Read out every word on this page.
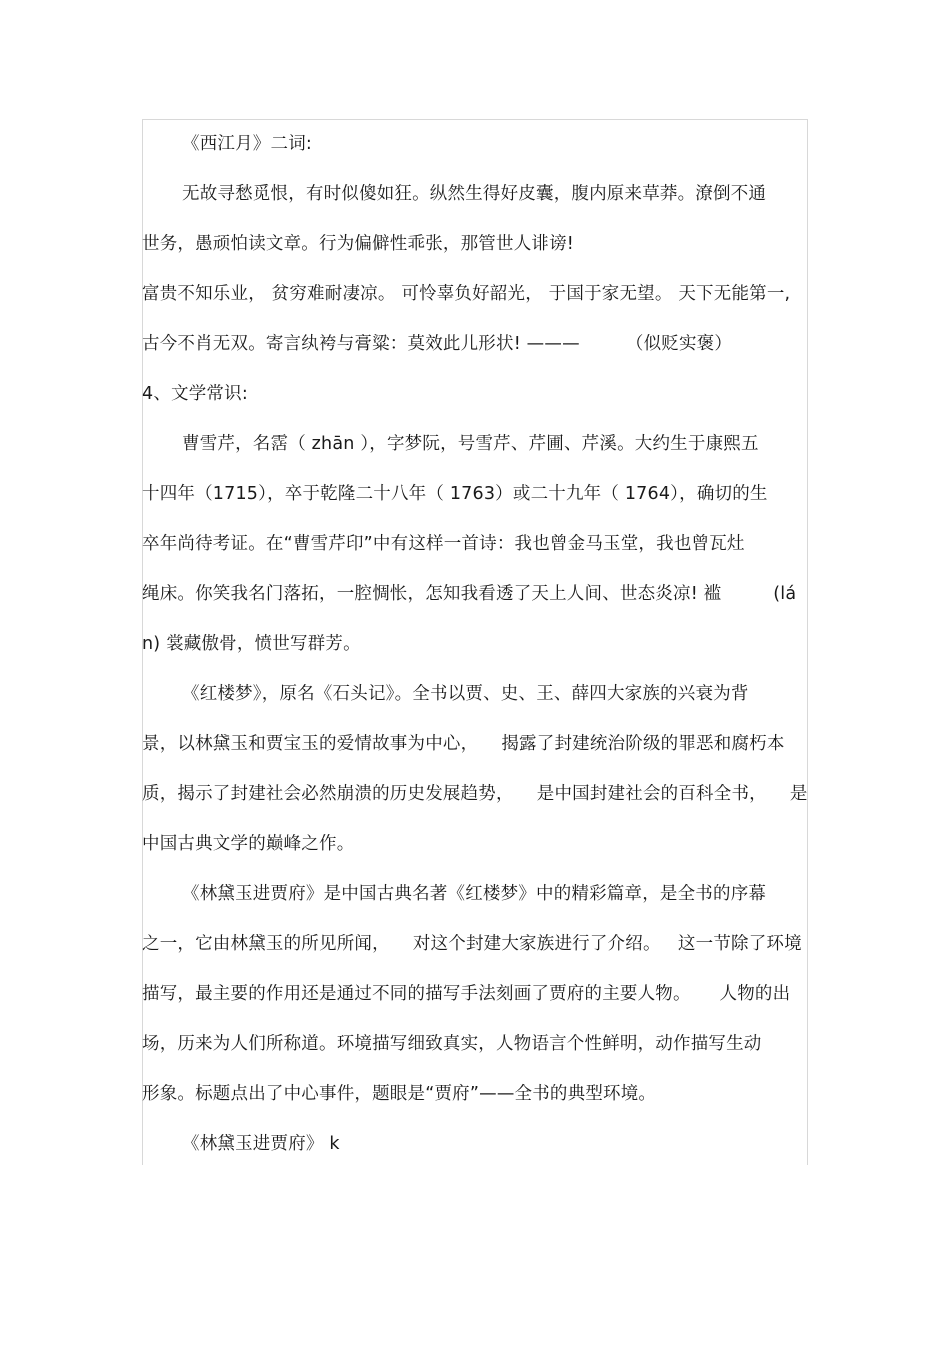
《西江月》二词:
无故寻愁觅恨，有时似傻如狂。纵然生得好皮囊，腹内原来草莽。潦倒不通
世务，愚顽怕读文章。行为偏僻性乖张，那管世人诽谤!
富贵不知乐业， 贫穷难耐凄凉。 可怜辜负好韶光， 于国于家无望。 天下无能第一,
古今不肖无双。寄言纨袴与膏粱：莫效此儿形状! ———        （似贬实褒）
4、文学常识:
曹雪芹，名霑（ zhān ），字梦阮，号雪芹、芹圃、芹溪。大约生于康熙五
十四年（1715），卒于乾隆二十八年（ 1763）或二十九年（ 1764），确切的生
卒年尚待考证。在“曹雪芹印”中有这样一首诗：我也曾金马玉堂，我也曾瓦灶
绳床。你笑我名门落拓，一腔惆怅，怎知我看透了天上人间、世态炎凉! 褴         (lá
n) 裳藏傲骨，愤世写群芳。
《红楼梦》，原名《石头记》。全书以贾、史、王、薛四大家族的兴衰为背
景，以林黛玉和贾宝玉的爱情故事为中心，    揭露了封建统治阶级的罪恶和腐朽本
质，揭示了封建社会必然崩溃的历史发展趋势，    是中国封建社会的百科全书，    是
中国古典文学的巅峰之作。
《林黛玉进贾府》是中国古典名著《红楼梦》中的精彩篇章，是全书的序幕
之一，它由林黛玉的所见所闻，    对这个封建大家族进行了介绍。   这一节除了环境
描写，最主要的作用还是通过不同的描写手法刻画了贾府的主要人物。     人物的出
场，历来为人们所称道。环境描写细致真实，人物语言个性鲜明，动作描写生动
形象。标题点出了中心事件，题眼是“贾府”——全书的典型环境。
《林黛玉进贾府》 k
